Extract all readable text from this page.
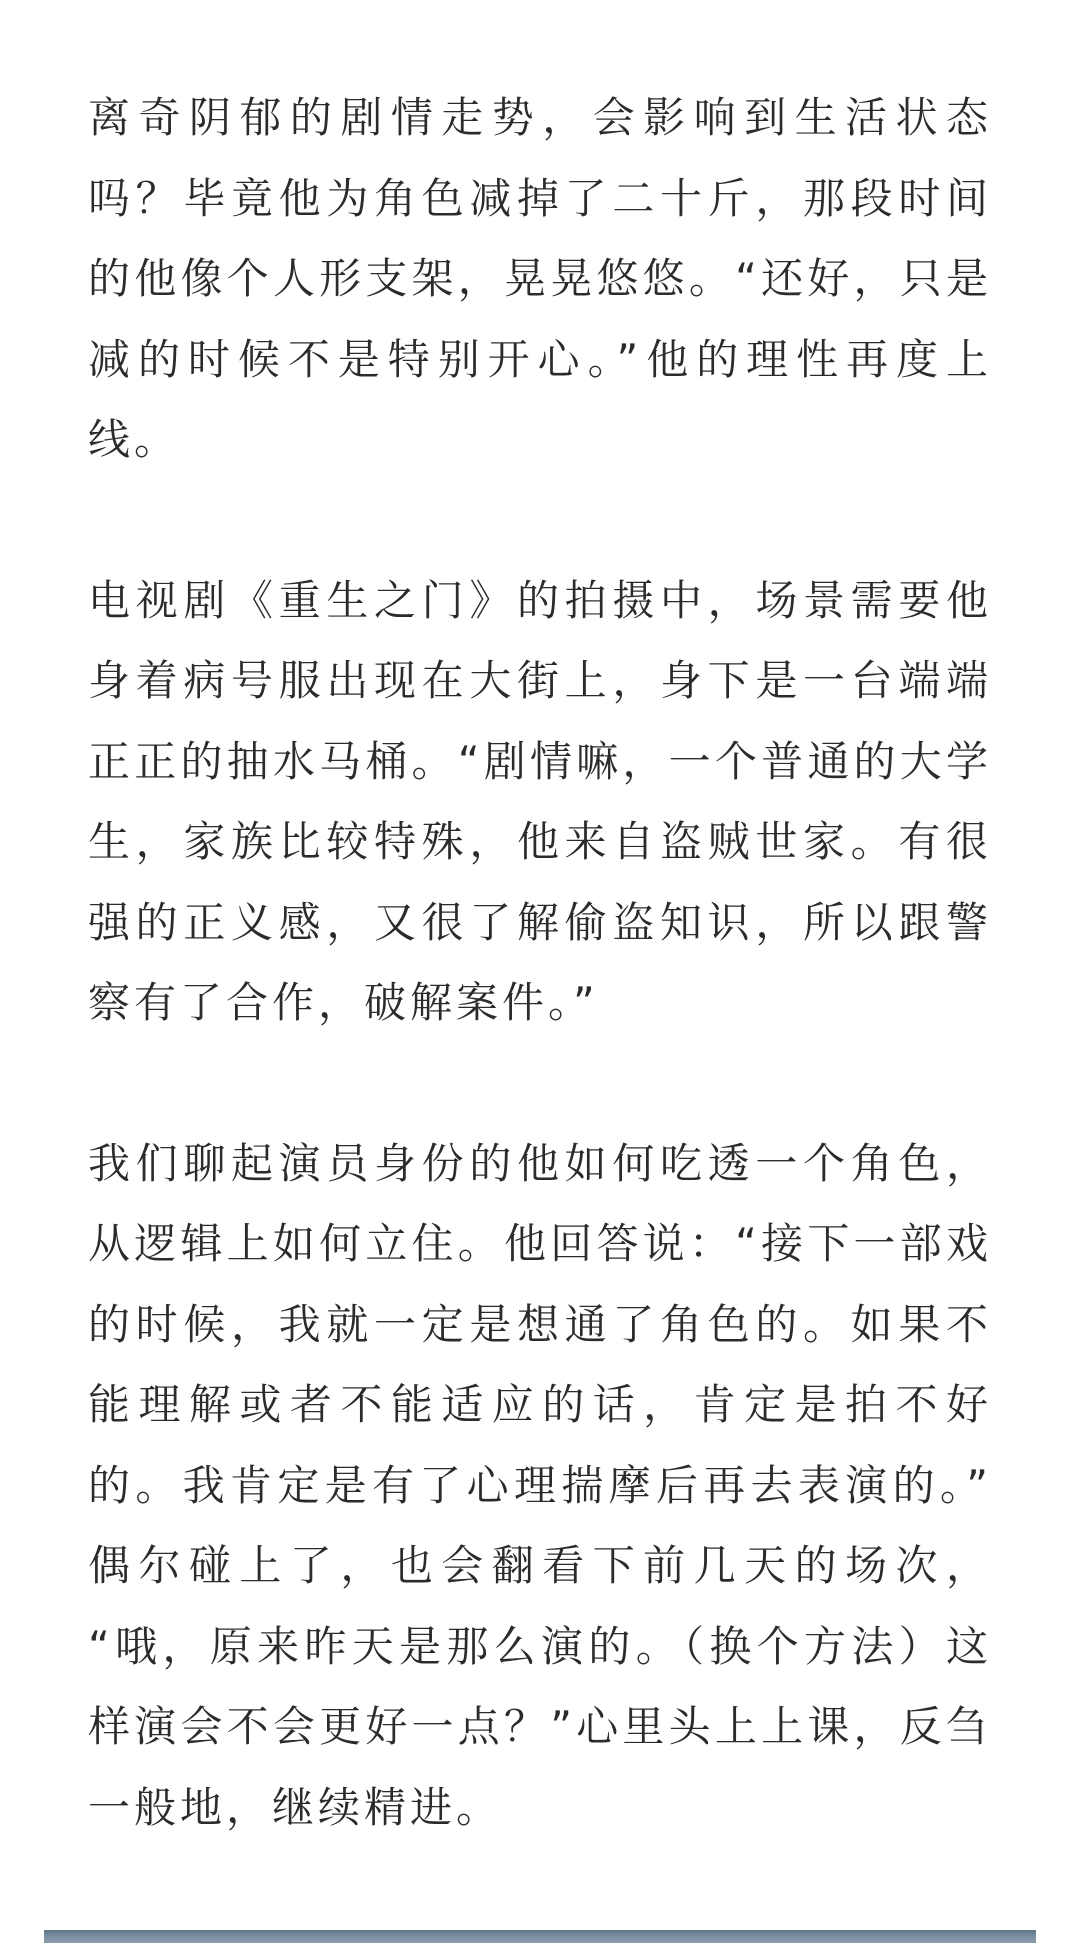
离奇阴郁的剧情走势，会影响到生活状态
吗？毕竟他为角色减掉了二十斤，那段时间
的他像个人形支架，晃晃悠悠。“还好，只是
减的时候不是特别开心。”他的理性再度上
线。

电视剧《重生之门》的拍摄中，场景需要他
身着病号服出现在大街上，身下是一台端端
正正的抽水马桶。“剧情嘛，一个普通的大学
生，家族比较特殊，他来自盗贼世家。有很
强的正义感，又很了解偷盗知识，所以跟警
察有了合作，破解案件。”

我们聊起演员身份的他如何吃透一个角色，
从逻辑上如何立住。他回答说：“接下一部戏
的时候，我就一定是想通了角色的。如果不
能理解或者不能适应的话，肯定是拍不好
的。我肯定是有了心理揣摩后再去表演的。”
偶尔碰上了，也会翻看下前几天的场次，
“哦，原来昨天是那么演的。（换个方法）这
样演会不会更好一点？”心里头上上课，反刍
一般地，继续精进。
